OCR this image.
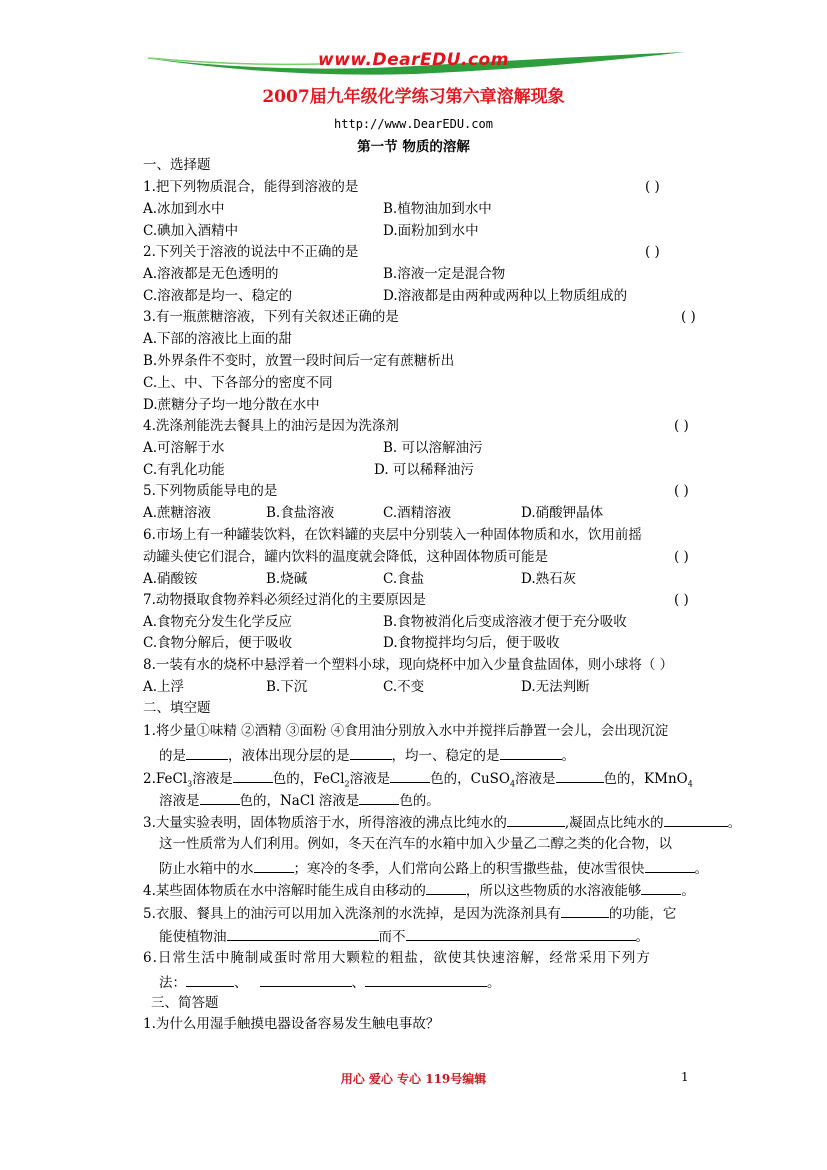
www.DearEDU.com
2007届九年级化学练习第六章溶解现象
http://www.DearEDU.com
第一节 物质的溶解
一、选择题
1.把下列物质混合，能得到溶液的是	( )
A.冰加到水中	B.植物油加到水中
C.碘加入酒精中	D.面粉加到水中
2.下列关于溶液的说法中不正确的是	( )
A.溶液都是无色透明的	B.溶液一定是混合物
C.溶液都是均一、稳定的	D.溶液都是由两种或两种以上物质组成的
3.有一瓶蔗糖溶液，下列有关叙述正确的是	( )
A.下部的溶液比上面的甜
B.外界条件不变时，放置一段时间后一定有蔗糖析出
C.上、中、下各部分的密度不同
D.蔗糖分子均一地分散在水中
4.洗涤剂能洗去餐具上的油污是因为洗涤剂	( )
A.可溶解于水	B. 可以溶解油污
C.有乳化功能	D. 可以稀释油污
5.下列物质能导电的是	( )
A.蔗糖溶液	B.食盐溶液	C.酒精溶液	D.硝酸钾晶体
6.市场上有一种罐装饮料，在饮料罐的夹层中分别装入一种固体物质和水，饮用前摇
动罐头使它们混合，罐内饮料的温度就会降低，这种固体物质可能是	( )
A.硝酸铵	B.烧碱	C.食盐	D.熟石灰
7.动物摄取食物养料必须经过消化的主要原因是	( )
A.食物充分发生化学反应	B.食物被消化后变成溶液才便于充分吸收
C.食物分解后，便于吸收	D.食物搅拌均匀后，便于吸收
8.一装有水的烧杯中悬浮着一个塑料小球，现向烧杯中加入少量食盐固体，则小球将（ ）
A.上浮	B.下沉	C.不变	D.无法判断
二、填空题
1.将少量①味精 ②酒精 ③面粉 ④食用油分别放入水中并搅拌后静置一会儿，会出现沉淀
的是	，液体出现分层的是	，均一、稳定的是	。
2.FeCl$_3$溶液是	色的，FeCl$_2$溶液是	色的，CuSO$_4$溶液是	色的，KMnO$_4$
溶液是	色的，NaCl 溶液是	色的。
3.大量实验表明，固体物质溶于水，所得溶液的沸点比纯水的	,凝固点比纯水的	。
这一性质常为人们利用。例如，冬天在汽车的水箱中加入少量乙二醇之类的化合物，以
防止水箱中的水	；寒冷的冬季，人们常向公路上的积雪撒些盐，使冰雪很快	。
4.某些固体物质在水中溶解时能生成自由移动的	，所以这些物质的水溶液能够	。
5.衣服、餐具上的油污可以用加入洗涤剂的水洗掉，是因为洗涤剂具有	的功能，它
能使植物油	而不	。
6.日常生活中腌制咸蛋时常用大颗粒的粗盐，欲使其快速溶解，经常采用下列方
法：	、	、	。
三、简答题
1.为什么用湿手触摸电器设备容易发生触电事故？
用心 爱心 专心 119号编辑	1
